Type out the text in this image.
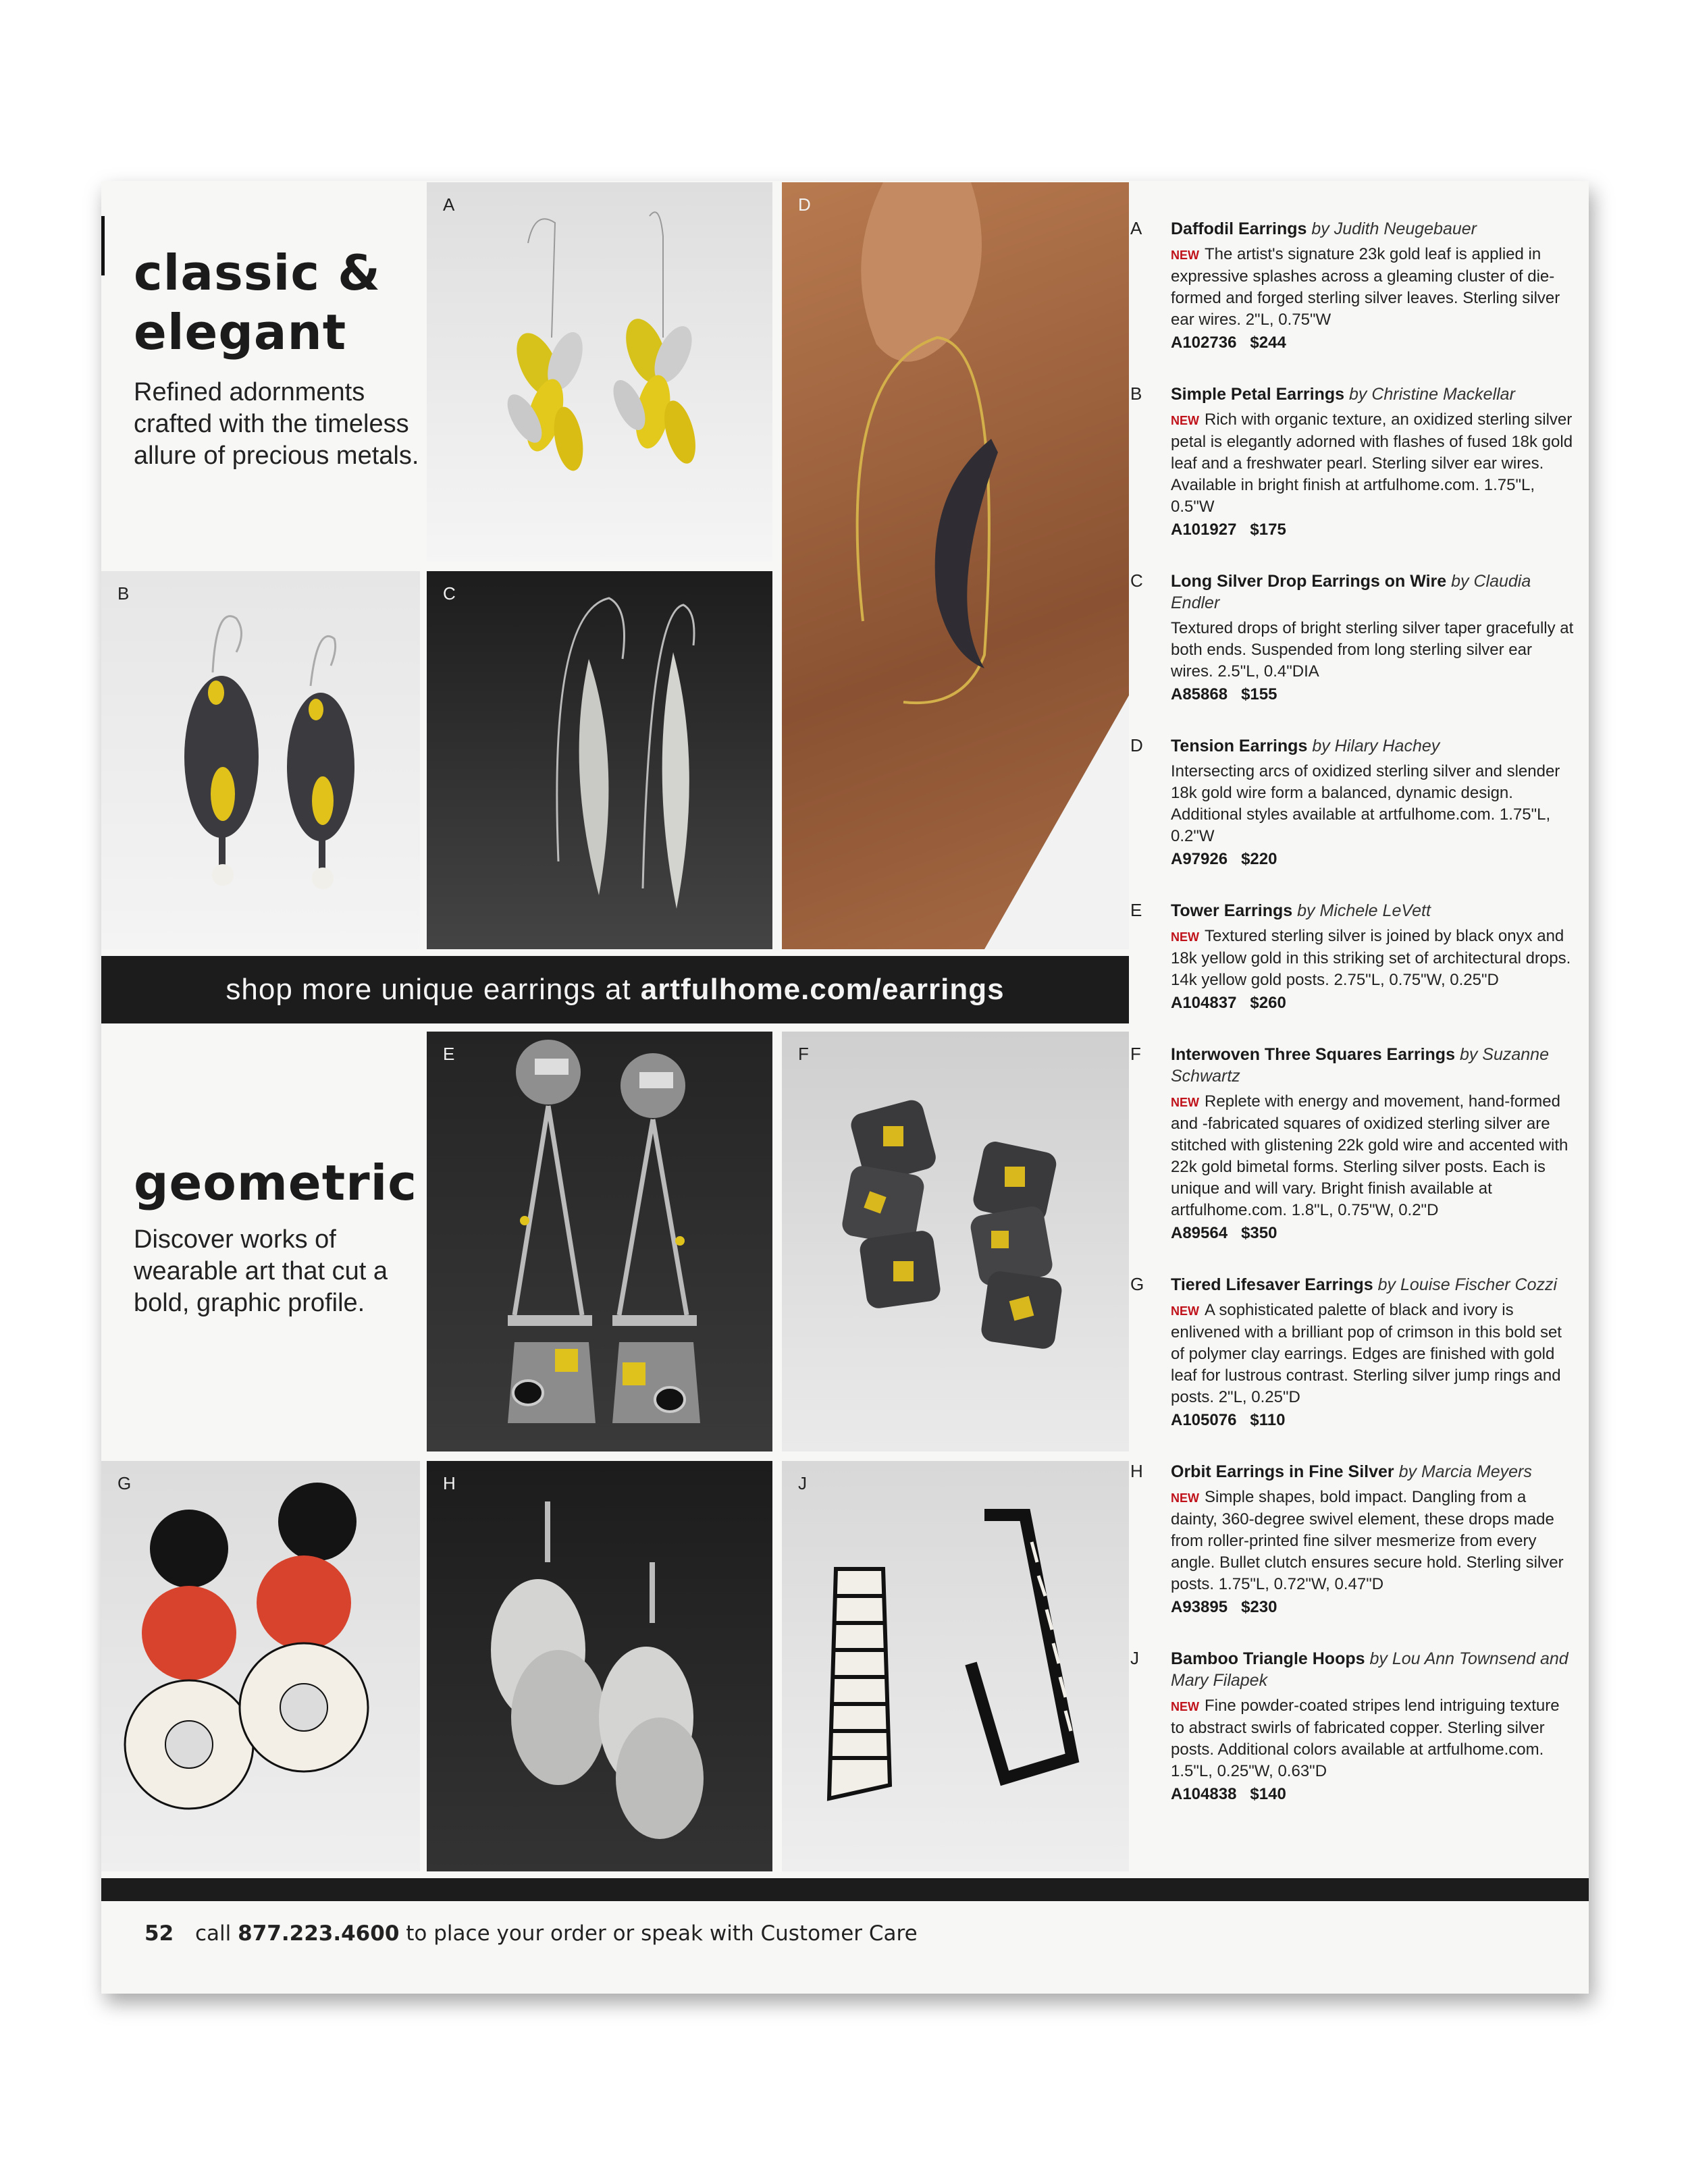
classic &
elegant
Refined adornments
crafted with the timeless
allure of precious metals.
A
B	C
D
shop more unique earrings at artfulhome.com/earrings
geometric
Discover works of
wearable art that cut a
bold, graphic profile.
E	F
G	H	J
A Daffodil Earrings by Judith Neugebauer
NEW The artist's signature 23k gold leaf is applied in expressive splashes across a gleaming cluster of die-formed and forged sterling silver leaves. Sterling silver ear wires. 2"L, 0.75"W
A102736 $244
B Simple Petal Earrings by Christine Mackellar
NEW Rich with organic texture, an oxidized sterling silver petal is elegantly adorned with flashes of fused 18k gold leaf and a freshwater pearl. Sterling silver ear wires. Available in bright finish at artfulhome.com. 1.75"L, 0.5"W
A101927 $175
C Long Silver Drop Earrings on Wire by Claudia Endler
Textured drops of bright sterling silver taper gracefully at both ends. Suspended from long sterling silver ear wires. 2.5"L, 0.4"DIA
A85868 $155
D Tension Earrings by Hilary Hachey
Intersecting arcs of oxidized sterling silver and slender 18k gold wire form a balanced, dynamic design. Additional styles available at artfulhome.com. 1.75"L, 0.2"W
A97926 $220
E Tower Earrings by Michele LeVett
NEW Textured sterling silver is joined by black onyx and 18k yellow gold in this striking set of architectural drops. 14k yellow gold posts. 2.75"L, 0.75"W, 0.25"D
A104837 $260
F Interwoven Three Squares Earrings by Suzanne Schwartz
NEW Replete with energy and movement, hand-formed and -fabricated squares of oxidized sterling silver are stitched with glistening 22k gold wire and accented with 22k gold bimetal forms. Sterling silver posts. Each is unique and will vary. Bright finish available at artfulhome.com. 1.8"L, 0.75"W, 0.2"D
A89564 $350
G Tiered Lifesaver Earrings by Louise Fischer Cozzi
NEW A sophisticated palette of black and ivory is enlivened with a brilliant pop of crimson in this bold set of polymer clay earrings. Edges are finished with gold leaf for lustrous contrast. Sterling silver jump rings and posts. 2"L, 0.25"D
A105076 $110
H Orbit Earrings in Fine Silver by Marcia Meyers
NEW Simple shapes, bold impact. Dangling from a dainty, 360-degree swivel element, these drops made from roller-printed fine silver mesmerize from every angle. Bullet clutch ensures secure hold. Sterling silver posts. 1.75"L, 0.72"W, 0.47"D
A93895 $230
J Bamboo Triangle Hoops by Lou Ann Townsend and Mary Filapek
NEW Fine powder-coated stripes lend intriguing texture to abstract swirls of fabricated copper. Sterling silver posts. Additional colors available at artfulhome.com. 1.5"L, 0.25"W, 0.63"D
A104838 $140
52 call 877.223.4600 to place your order or speak with Customer Care
